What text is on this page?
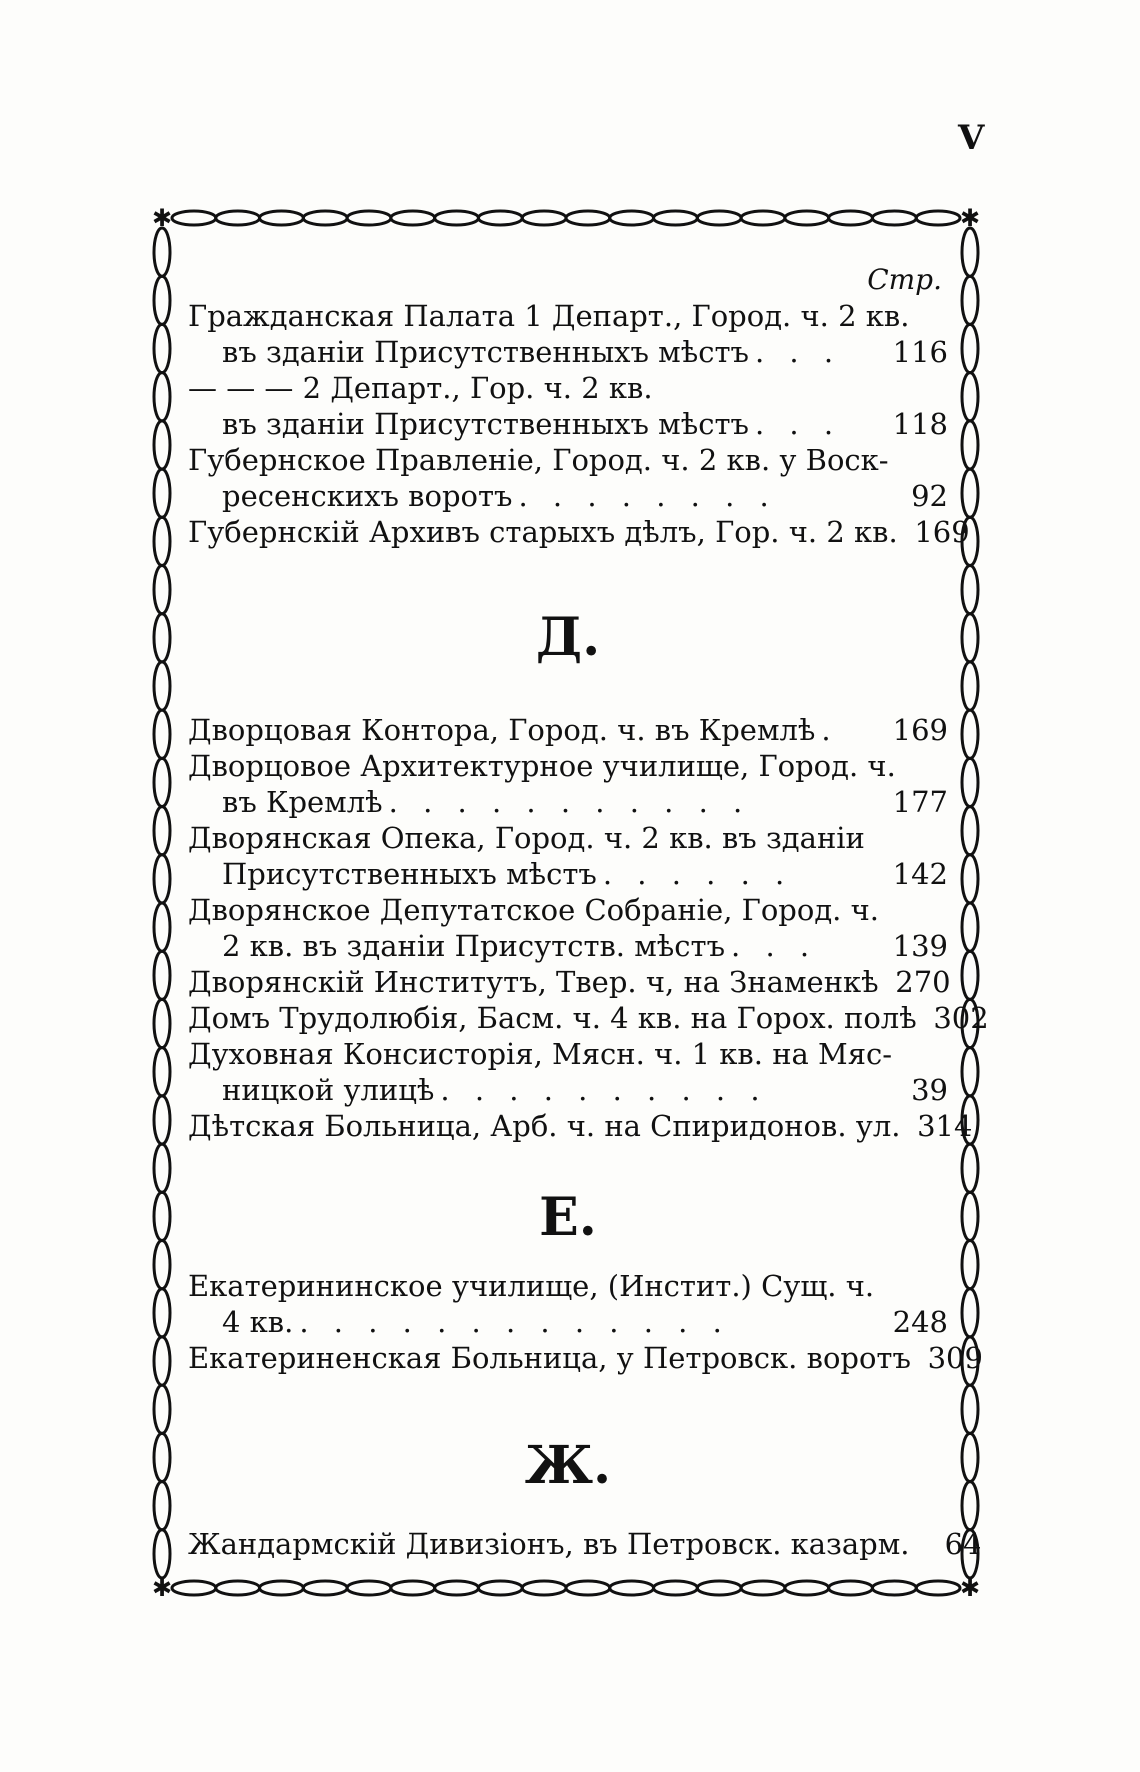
V
✱	✱
✱	✱
Стр.
Гражданская Палата 1 Департ., Город. ч. 2 кв.
въ зданіи Присутственныхъ мѣстъ . . .	116
— — — 2 Департ., Гор. ч. 2 кв.
въ зданіи Присутственныхъ мѣстъ . . .	118
Губернское Правленіе, Город. ч. 2 кв. у Воск-
ресенскихъ воротъ . . . . . . . .	92
Губернскій Архивъ старыхъ дѣлъ, Гор. ч. 2 кв. 169
Д.
Дворцовая Контора, Город. ч. въ Кремлѣ .	169
Дворцовое Архитектурное училище, Город. ч.
въ Кремлѣ . . . . . . . . . . .	177
Дворянская Опека, Город. ч. 2 кв. въ зданіи
Присутственныхъ мѣстъ . . . . . .	142
Дворянское Депутатское Собраніе, Город. ч.
2 кв. въ зданіи Присутств. мѣстъ . . .	139
Дворянскій Институтъ, Твер. ч, на Знаменкѣ 270
Домъ Трудолюбія, Басм. ч. 4 кв. на Горох. полѣ 302
Духовная Консисторія, Мясн. ч. 1 кв. на Мяс-
ницкой улицѣ . . . . . . . . . .	39
Дѣтская Больница, Арб. ч. на Спиридонов. ул. 314
Е.
Екатерининское училище, (Инстит.) Сущ. ч.
4 кв. . . . . . . . . . . . . .	248
Екатериненская Больница, у Петровск. воротъ 309
Ж.
Жандармскій Дивизіонъ, въ Петровск. казарм.	64
